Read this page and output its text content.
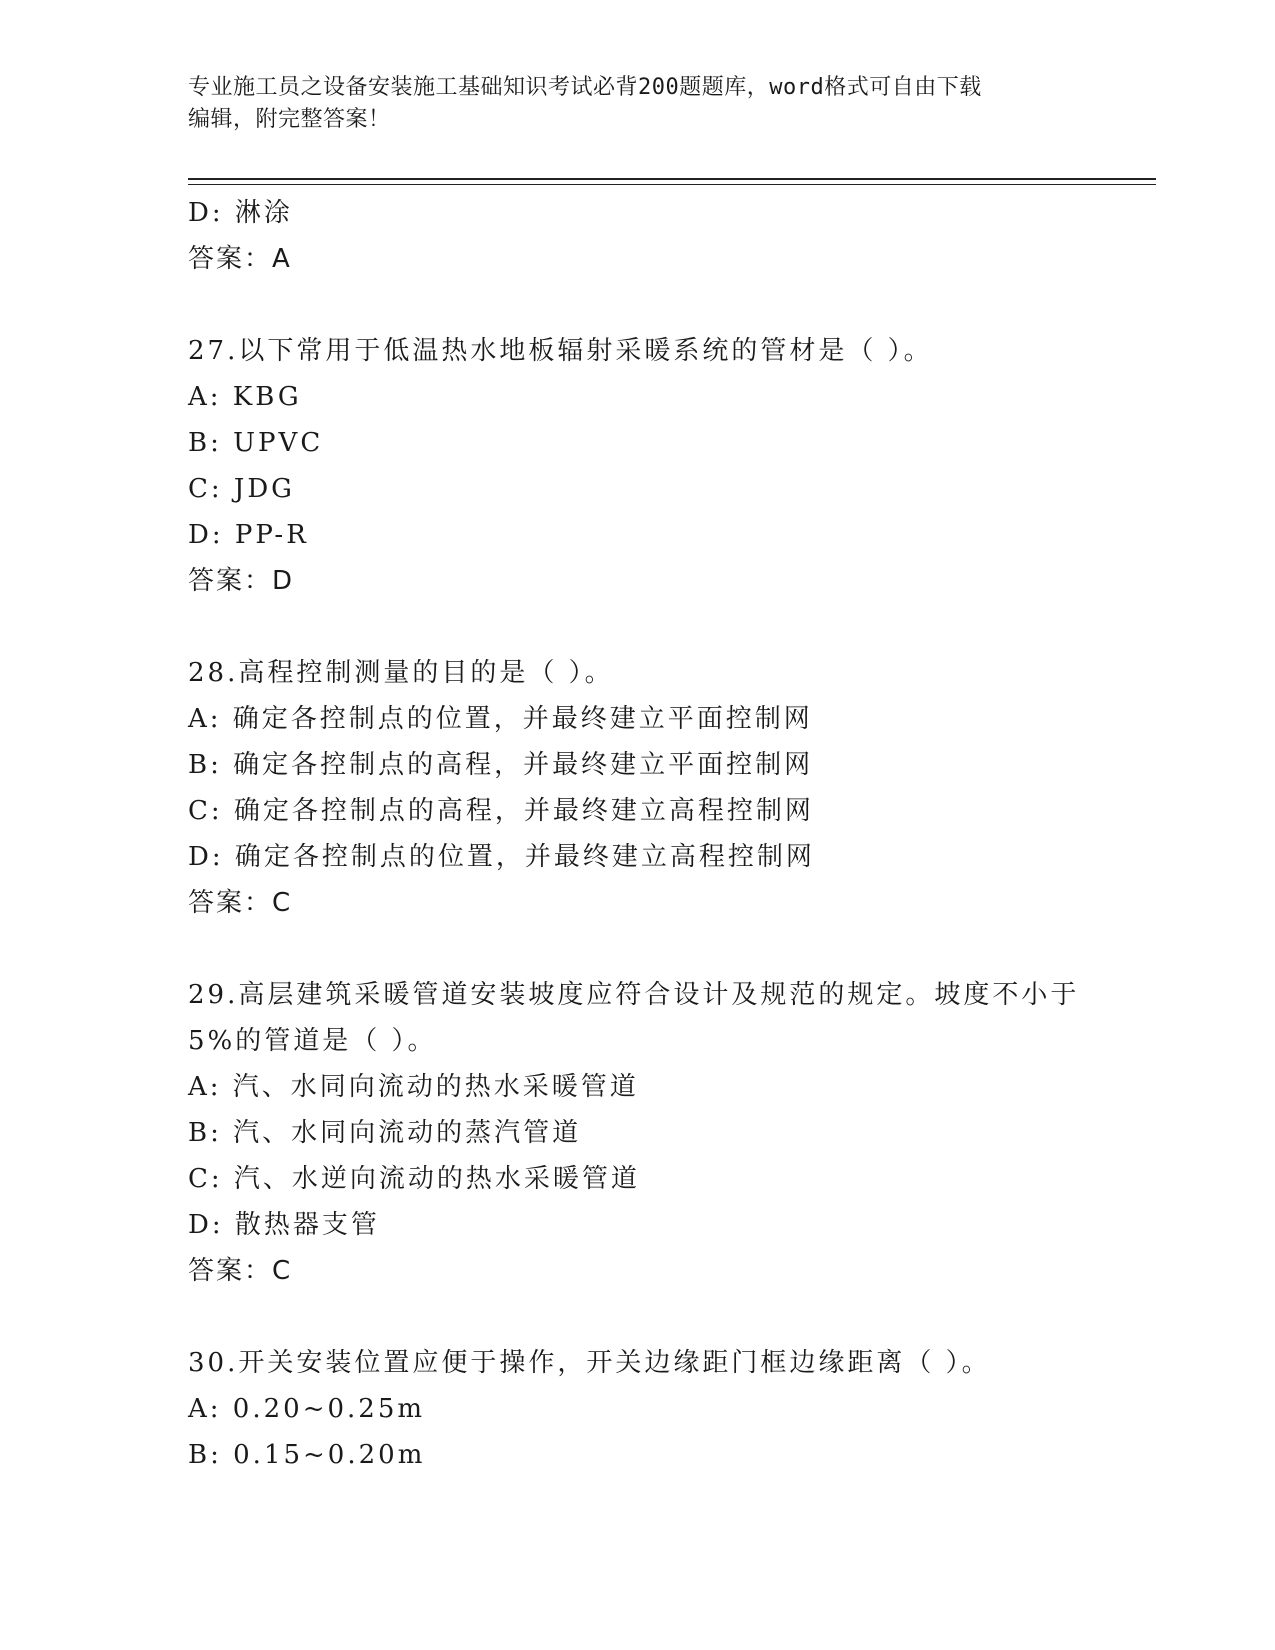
专业施工员之设备安装施工基础知识考试必背200题题库，word格式可自由下载
编辑，附完整答案！
D: 淋涂
答案：A
27.以下常用于低温热水地板辐射采暖系统的管材是（ ）。
A: KBG
B: UPVC
C: JDG
D: PP-R
答案：D
28.高程控制测量的目的是（ ）。
A: 确定各控制点的位置，并最终建立平面控制网
B: 确定各控制点的高程，并最终建立平面控制网
C: 确定各控制点的高程，并最终建立高程控制网
D: 确定各控制点的位置，并最终建立高程控制网
答案：C
29.高层建筑采暖管道安装坡度应符合设计及规范的规定。坡度不小于
5%的管道是（ ）。
A: 汽、水同向流动的热水采暖管道
B: 汽、水同向流动的蒸汽管道
C: 汽、水逆向流动的热水采暖管道
D: 散热器支管
答案：C
30.开关安装位置应便于操作，开关边缘距门框边缘距离（ ）。
A: 0.20~0.25m
B: 0.15~0.20m
